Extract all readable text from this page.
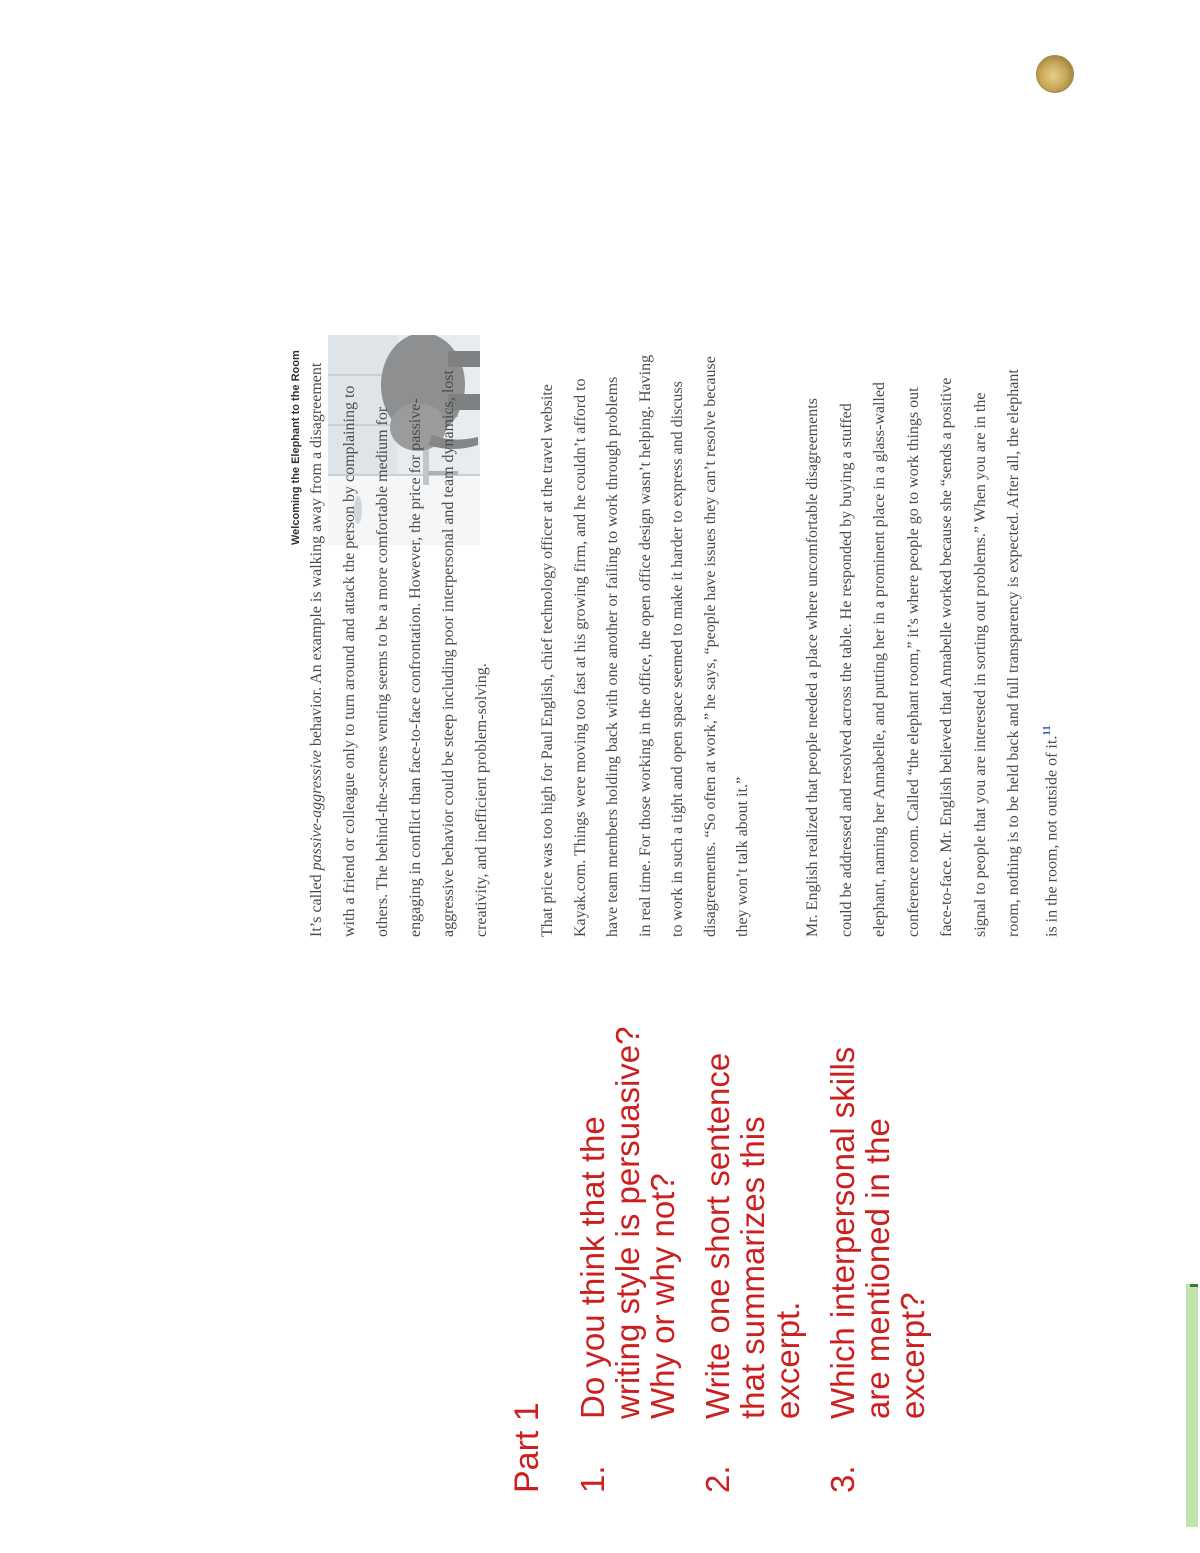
Welcoming the Elephant to the Room

It’s called passive-aggressive behavior. An example is walking away from a disagreement	with a friend or colleague only to turn around and attack the person by complaining to	others. The behind-the-scenes venting seems to be a more comfortable medium for	engaging in conflict than face-to-face confrontation. However, the price for passive-	aggressive behavior could be steep including poor interpersonal and team dynamics, lost	creativity, and inefficient problem-solving.	That price was too high for Paul English, chief technology officer at the travel website Kayak.com. Things were moving too fast at his growing firm, and he couldn’t afford to have team members holding back with one another or failing to work through problems in real time. For those working in the office, the open office design wasn’t helping. Having to work in such a tight and open space seemed to make it harder to express and discuss disagreements. “So often at work,” he says, “people have issues they can’t resolve because they won’t talk about it.”	Mr. English realized that people needed a place where uncomfortable disagreements	could be addressed and resolved across the table. He responded by buying a stuffed	elephant, naming her Annabelle, and putting her in a prominent place in a glass-walled	conference room. Called “the elephant room,” it’s where people go to work things out	face-to-face. Mr. English believed that Annabelle worked because she “sends a positive	signal to people that you are interested in sorting out problems.” When you are in the	room, nothing is to be held back and full transparency is expected. After all, the elephant	is in the room, not outside of it.$^{11}$

Part 1 1.
Do you think that the
writing style is persuasive?
Why or why not?
2.
Write one short sentence
that summarizes this
excerpt.
3.
Which interpersonal skills
are mentioned in the
excerpt?
